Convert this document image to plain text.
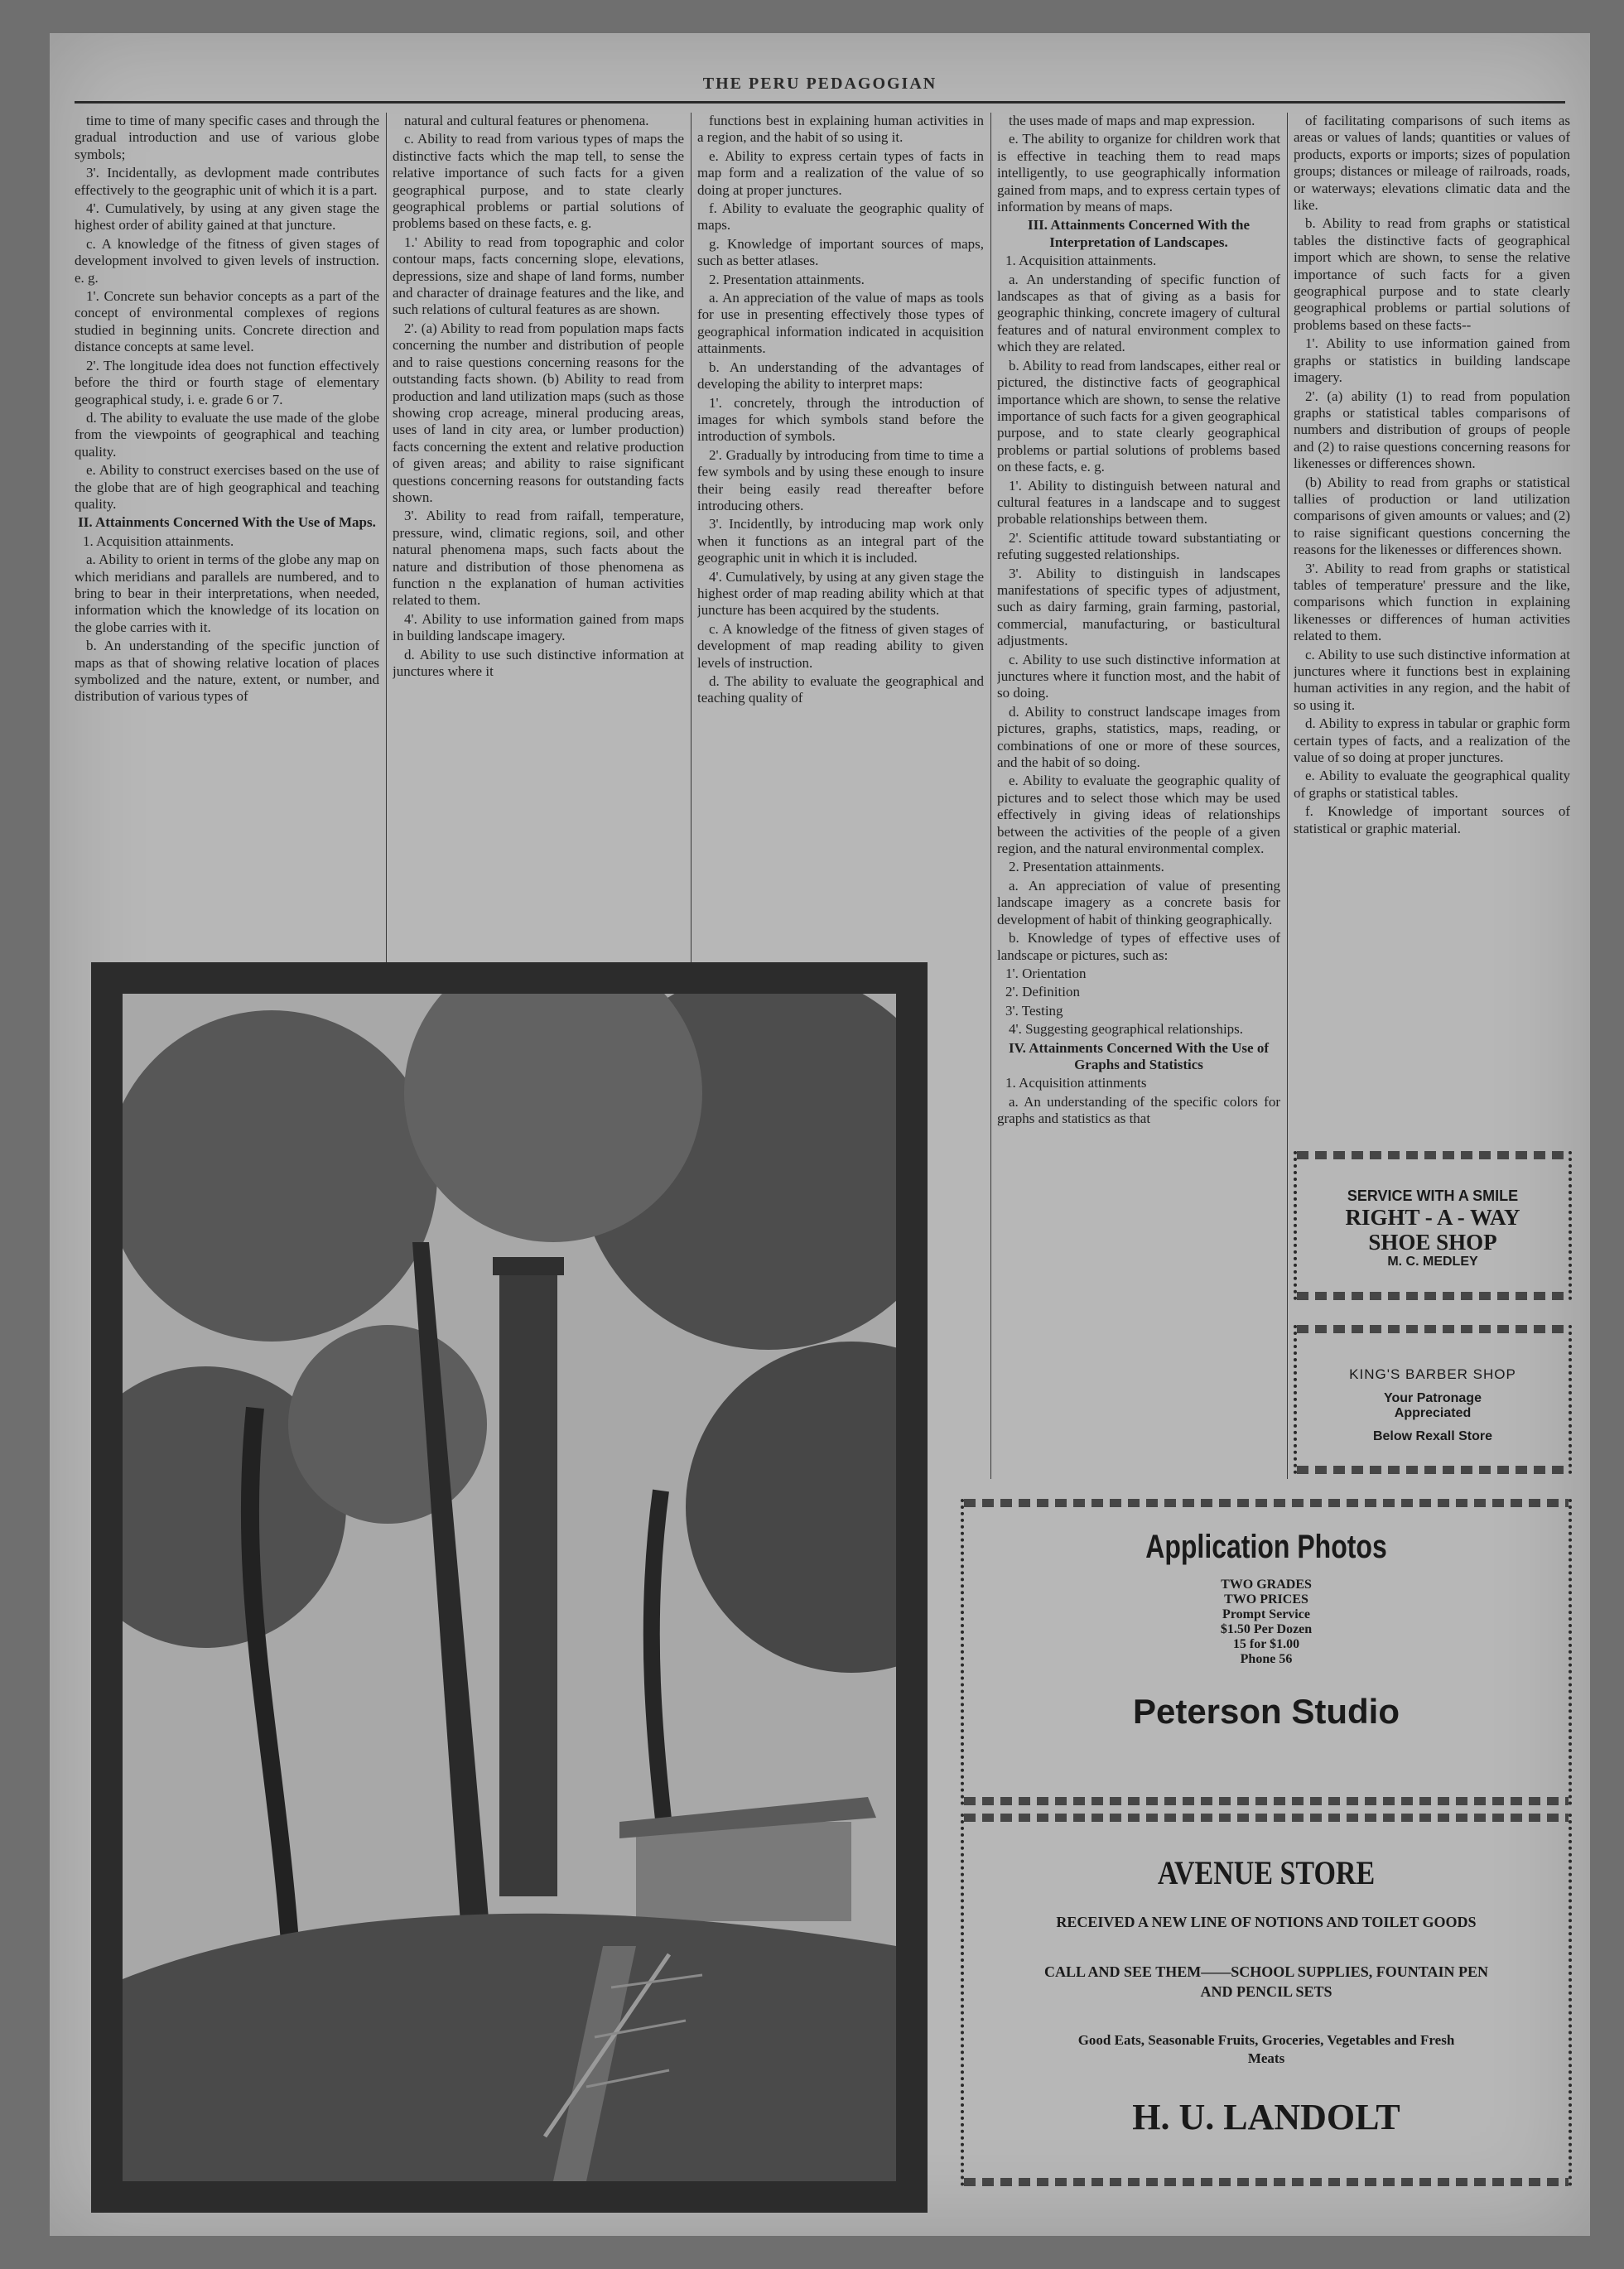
THE PERU PEDAGOGIAN

time to time of many specific cases and through the gradual introduction and use of various globe symbols;

3'. Incidentally, as devlopment made contributes effectively to the geographic unit of which it is a part.

4'. Cumulatively, by using at any given stage the highest order of ability gained at that juncture.

c. A knowledge of the fitness of given stages of development involved to given levels of instruction. e. g.

1'. Concrete sun behavior concepts as a part of the concept of environmental complexes of regions studied in beginning units. Concrete direction and distance concepts at same level.

2'. The longitude idea does not function effectively before the third or fourth stage of elementary geographical study, i. e. grade 6 or 7.

d. The ability to evaluate the use made of the globe from the viewpoints of geographical and teaching quality.

e. Ability to construct exercises based on the use of the globe that are of high geographical and teaching quality.

II. Attainments Concerned With the Use of Maps.

1. Acquisition attainments.

a. Ability to orient in terms of the globe any map on which meridians and parallels are numbered, and to bring to bear in their interpretations, when needed, information which the knowledge of its location on the globe carries with it.

b. An understanding of the specific junction of maps as that of showing relative location of places symbolized and the nature, extent, or number, and distribution of various types of

natural and cultural features or phenomena.

c. Ability to read from various types of maps the distinctive facts which the map tell, to sense the relative importance of such facts for a given geographical purpose, and to state clearly geographical problems or partial solutions of problems based on these facts, e. g.

1.' Ability to read from topographic and color contour maps, facts concerning slope, elevations, depressions, size and shape of land forms, number and character of drainage features and the like, and such relations of cultural features as are shown.

2'. (a) Ability to read from population maps facts concerning the number and distribution of people and to raise questions concerning reasons for the outstanding facts shown. (b) Ability to read from production and land utilization maps (such as those showing crop acreage, mineral producing areas, uses of land in city area, or lumber production) facts concerning the extent and relative production of given areas; and ability to raise significant questions concerning reasons for outstanding facts shown.

3'. Ability to read from raifall, temperature, pressure, wind, climatic regions, soil, and other natural phenomena maps, such facts about the nature and distribution of those phenomena as function n the explanation of human activities related to them.

4'. Ability to use information gained from maps in building landscape imagery.

d. Ability to use such distinctive information at junctures where it

functions best in explaining human activities in a region, and the habit of so using it.

e. Ability to express certain types of facts in map form and a realization of the value of so doing at proper junctures.

f. Ability to evaluate the geographic quality of maps.

g. Knowledge of important sources of maps, such as better atlases.

2. Presentation attainments.

a. An appreciation of the value of maps as tools for use in presenting effectively those types of geographical information indicated in acquisition attainments.

b. An understanding of the advantages of developing the ability to interpret maps:

1'. concretely, through the introduction of images for which symbols stand before the introduction of symbols.

2'. Gradually by introducing from time to time a few symbols and by using these enough to insure their being easily read thereafter before introducing others.

3'. Incidentlly, by introducing map work only when it functions as an integral part of the geographic unit in which it is included.

4'. Cumulatively, by using at any given stage the highest order of map reading ability which at that juncture has been acquired by the students.

c. A knowledge of the fitness of given stages of development of map reading ability to given levels of instruction.

d. The ability to evaluate the geographical and teaching quality of

the uses made of maps and map expression.

e. The ability to organize for children work that is effective in teaching them to read maps intelligently, to use geographically information gained from maps, and to express certain types of information by means of maps.

III. Attainments Concerned With the Interpretation of Landscapes.

1. Acquisition attainments.

a. An understanding of specific function of landscapes as that of giving as a basis for geographic thinking, concrete imagery of cultural features and of natural environment complex to which they are related.

b. Ability to read from landscapes, either real or pictured, the distinctive facts of geographical importance which are shown, to sense the relative importance of such facts for a given geographical purpose, and to state clearly geographical problems or partial solutions of problems based on these facts, e. g.

1'. Ability to distinguish between natural and cultural features in a landscape and to suggest probable relationships between them.

2'. Scientific attitude toward substantiating or refuting suggested relationships.

3'. Ability to distinguish in landscapes manifestations of specific types of adjustment, such as dairy farming, grain farming, pastorial, commercial, manufacturing, or basticultural adjustments.

c. Ability to use such distinctive information at junctures where it function most, and the habit of so doing.

d. Ability to construct landscape images from pictures, graphs, statistics, maps, reading, or combinations of one or more of these sources, and the habit of so doing.

e. Ability to evaluate the geographic quality of pictures and to select those which may be used effectively in giving ideas of relationships between the activities of the people of a given region, and the natural environmental complex.

2. Presentation attainments.

a. An appreciation of value of presenting landscape imagery as a concrete basis for development of habit of thinking geographically.

b. Knowledge of types of effective uses of landscape or pictures, such as:

1'. Orientation

2'. Definition

3'. Testing

4'. Suggesting geographical relationships.

IV. Attainments Concerned With the Use of Graphs and Statistics

1. Acquisition attinments

a. An understanding of the specific colors for graphs and statistics as that

of facilitating comparisons of such items as areas or values of lands; quantities or values of products, exports or imports; sizes of population groups; distances or mileage of railroads, roads, or waterways; elevations climatic data and the like.

b. Ability to read from graphs or statistical tables the distinctive facts of geographical import which are shown, to sense the relative importance of such facts for a given geographical purpose and to state clearly geographical problems or partial solutions of problems based on these facts--

1'. Ability to use information gained from graphs or statistics in building landscape imagery.

2'. (a) ability (1) to read from population graphs or statistical tables comparisons of numbers and distribution of groups of people and (2) to raise questions concerning reasons for likenesses or differences shown.

(b) Ability to read from graphs or statistical tallies of production or land utilization comparisons of given amounts or values; and (2) to raise significant questions concerning the reasons for the likenesses or differences shown.

3'. Ability to read from graphs or statistical tables of temperature' pressure and the like, comparisons which function in explaining likenesses or differences of human activities related to them.

c. Ability to use such distinctive information at junctures where it functions best in explaining human activities in any region, and the habit of so using it.

d. Ability to express in tabular or graphic form certain types of facts, and a realization of the value of so doing at proper junctures.

e. Ability to evaluate the geographical quality of graphs or statistical tables.

f. Knowledge of important sources of statistical or graphic material.

SERVICE WITH A SMILE
RIGHT - A - WAY
SHOE SHOP
M. C. MEDLEY
KING'S BARBER SHOP
Your Patronage
Appreciated
Below Rexall Store
Application Photos
TWO GRADES
TWO PRICES
Prompt Service
$1.50 Per Dozen
15 for $1.00
Phone 56
Peterson Studio
AVENUE STORE
RECEIVED A NEW LINE OF NOTIONS AND TOILET GOODS
CALL AND SEE THEM——SCHOOL SUPPLIES, FOUNTAIN PEN AND PENCIL SETS
Good Eats, Seasonable Fruits, Groceries, Vegetables and Fresh Meats
H. U. LANDOLT
